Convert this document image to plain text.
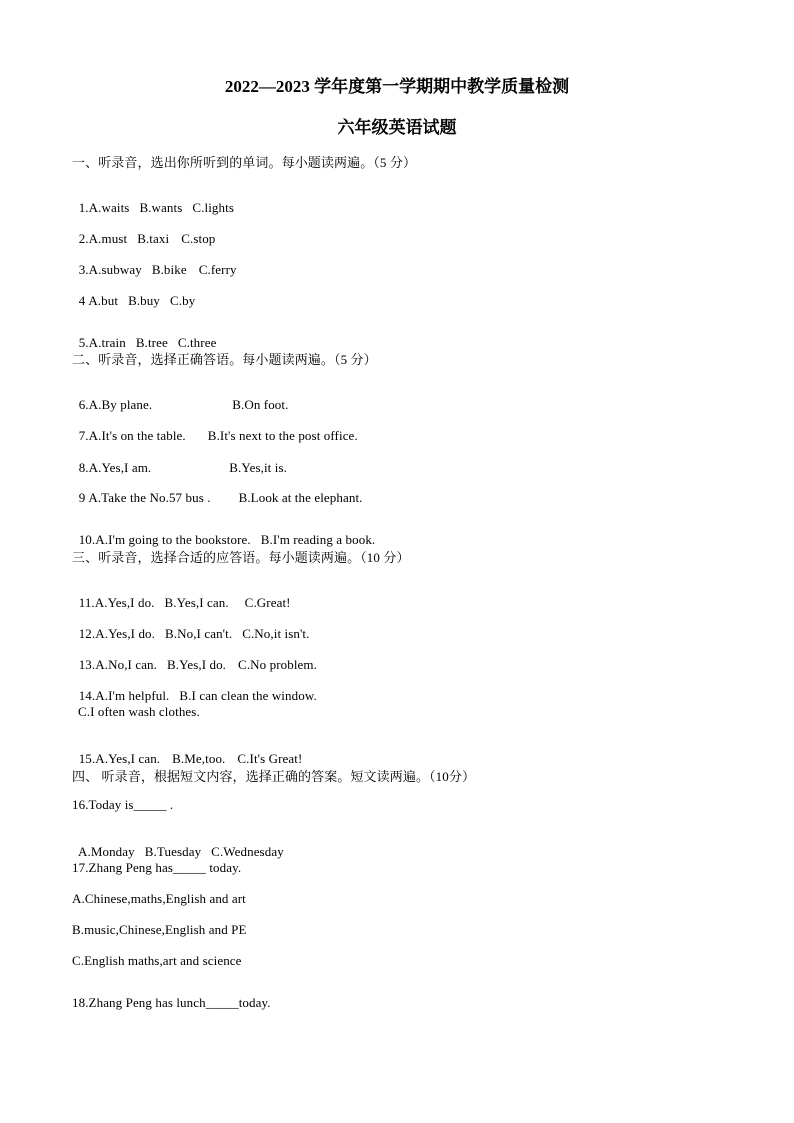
2022—2023 学年度第一学期期中教学质量检测
六年级英语试题
一、听录音，选出你所听到的单词。每小题读两遍。（5 分）

1.A.waits B.wants C.lights

2.A.must B.taxi C.stop

3.A.subway B.bike C.ferry

4 A.but B.buy C.by

5.A.train B.tree C.three

二、听录音，选择正确答语。每小题读两遍。（5 分）

6.A.By plane.	B.On foot.

7.A.It's on the table. B.It's next to the post office.

8.A.Yes,I am.	B.Yes,it is.

9 A.Take the No.57 bus . B.Look at the elephant.

10.A.I'm going to the bookstore. B.I'm reading a book.

三、听录音，选择合适的应答语。每小题读两遍。（10 分）

11.A.Yes,I do. B.Yes,I can. C.Great!

12.A.Yes,I do. B.No,I can't. C.No,it isn't.

13.A.No,I can. B.Yes,I do. C.No problem.

14.A.I'm helpful. B.I can clean the window.

C.I often wash clothes.

15.A.Yes,I can. B.Me,too. C.It's Great!

四、 听录音，根据短文内容，选择正确的答案。短文读两遍。（10分）
16.Today is_____ .

A.Monday B.Tuesday C.Wednesday

17.Zhang Peng has_____ today.
A.Chinese,maths,English and art
B.music,Chinese,English and PE
C.English maths,art and science
18.Zhang Peng has lunch_____today.
